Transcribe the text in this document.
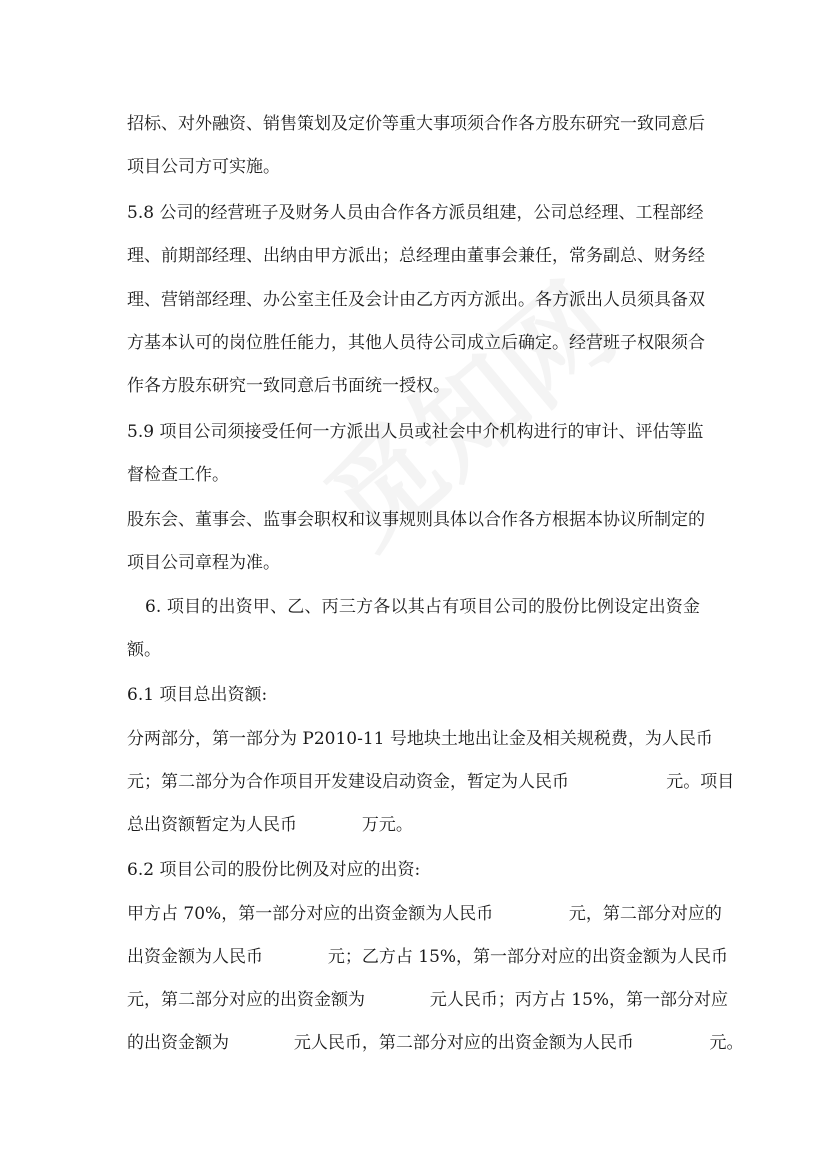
招标、对外融资、销售策划及定价等重大事项须合作各方股东研究一致同意后
项目公司方可实施。
5.8 公司的经营班子及财务人员由合作各方派员组建，公司总经理、工程部经
理、前期部经理、出纳由甲方派出；总经理由董事会兼任，常务副总、财务经
理、营销部经理、办公室主任及会计由乙方丙方派出。各方派出人员须具备双
方基本认可的岗位胜任能力，其他人员待公司成立后确定。经营班子权限须合
作各方股东研究一致同意后书面统一授权。
5.9 项目公司须接受任何一方派出人员或社会中介机构进行的审计、评估等监
督检查工作。
股东会、董事会、监事会职权和议事规则具体以合作各方根据本协议所制定的
项目公司章程为准。
6. 项目的出资甲、乙、丙三方各以其占有项目公司的股份比例设定出资金
额。
6.1 项目总出资额:
分两部分，第一部分为 P2010-11 号地块土地出让金及相关规税费，为人民币
元；第二部分为合作项目开发建设启动资金，暂定为人民币                  元。项目
总出资额暂定为人民币            万元。
6.2 项目公司的股份比例及对应的出资:
甲方占 70%，第一部分对应的出资金额为人民币              元，第二部分对应的
出资金额为人民币            元；乙方占 15%，第一部分对应的出资金额为人民币
元，第二部分对应的出资金额为            元人民币；丙方占 15%，第一部分对应
的出资金额为            元人民币，第二部分对应的出资金额为人民币              元。
